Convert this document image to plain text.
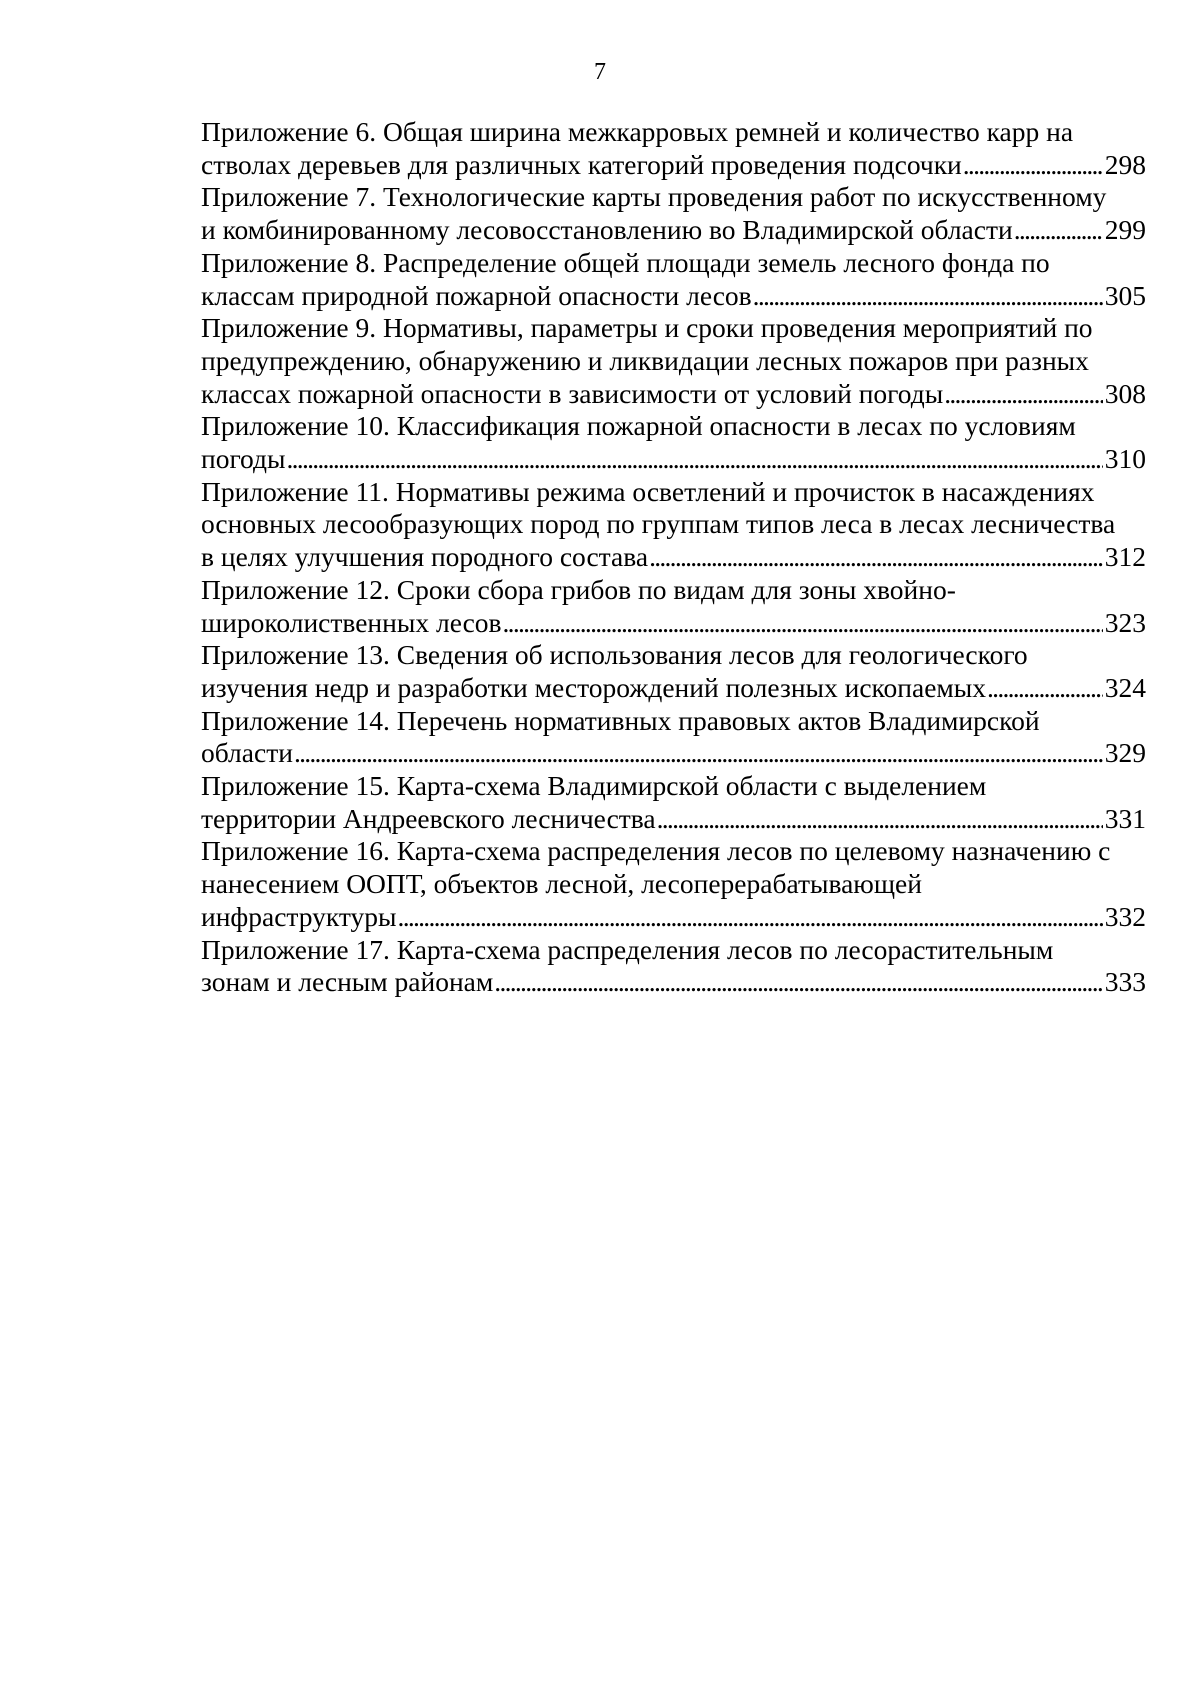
7
Приложение 6. Общая ширина межкарровых ремней и количество карр на
стволах деревьев для различных категорий проведения подсочки . . .	298
Приложение 7. Технологические карты проведения работ по искусственному
и комбинированному лесовосстановлению во Владимирской области . . .	299
Приложение 8. Распределение общей площади земель лесного фонда по
классам природной пожарной опасности лесов . . .	305
Приложение 9. Нормативы, параметры и сроки проведения мероприятий по
предупреждению, обнаружению и ликвидации лесных пожаров при разных
классах пожарной опасности в зависимости от условий погоды . . .	308
Приложение 10. Классификация пожарной опасности в лесах по условиям
погоды . . .	310
Приложение 11. Нормативы режима осветлений и прочисток в насаждениях
основных лесообразующих пород по группам типов леса в лесах лесничества
в целях улучшения породного состава . . .	312
Приложение 12. Сроки сбора грибов по видам для зоны хвойно-
широколиственных лесов . . .	323
Приложение 13. Сведения об использования лесов для геологического
изучения недр и разработки месторождений полезных ископаемых . . .	324
Приложение 14. Перечень нормативных правовых актов Владимирской
области . . .	329
Приложение 15. Карта-схема Владимирской области с выделением
территории Андреевского лесничества . . .	331
Приложение 16. Карта-схема распределения лесов по целевому назначению с
нанесением ООПТ, объектов лесной, лесоперерабатывающей
инфраструктуры . . .	332
Приложение 17. Карта-схема распределения лесов по лесорастительным
зонам и лесным районам . . .	333
